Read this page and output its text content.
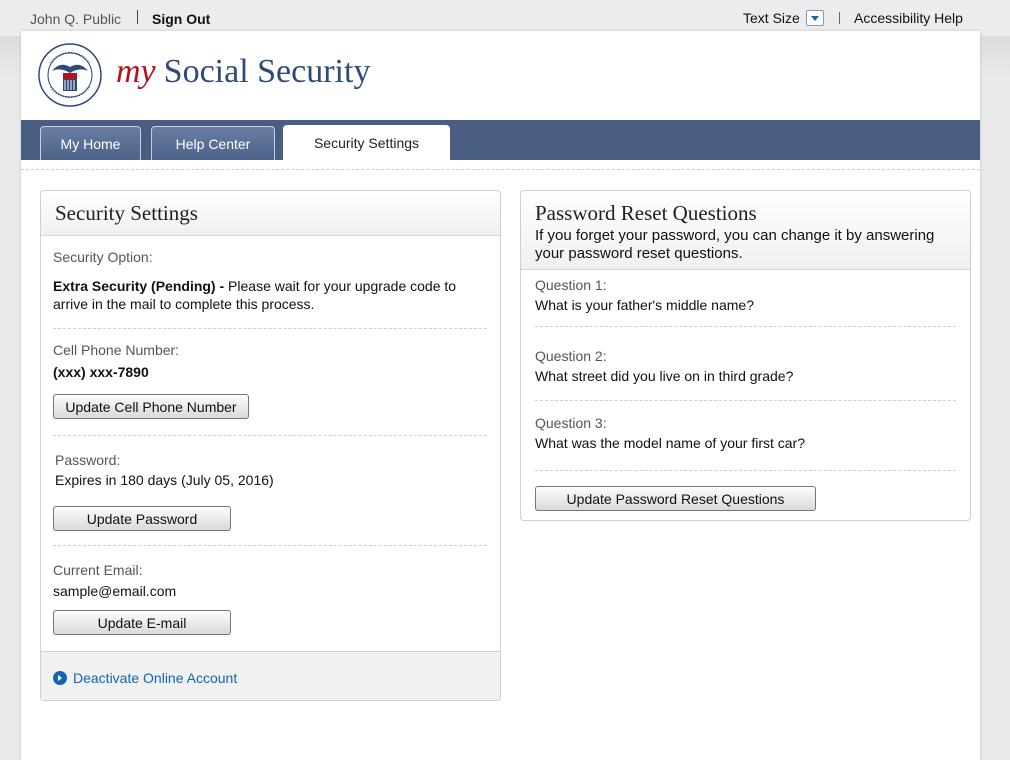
John Q. Public Sign Out	Text Size	Accessibility Help
my Social Security
My Home	Help Center	Security Settings
Security Settings
Security Option:
Extra Security (Pending) - Please wait for your upgrade code to arrive in the mail to complete this process.
Cell Phone Number:
(xxx) xxx-7890
Update Cell Phone Number
Password:
Expires in 180 days (July 05, 2016)
Update Password
Current Email:
sample@email.com
Update E-mail
Deactivate Online Account
Password Reset Questions
If you forget your password, you can change it by answering your password reset questions.
Question 1:
What is your father's middle name?
Question 2:
What street did you live on in third grade?
Question 3:
What was the model name of your first car?
Update Password Reset Questions
